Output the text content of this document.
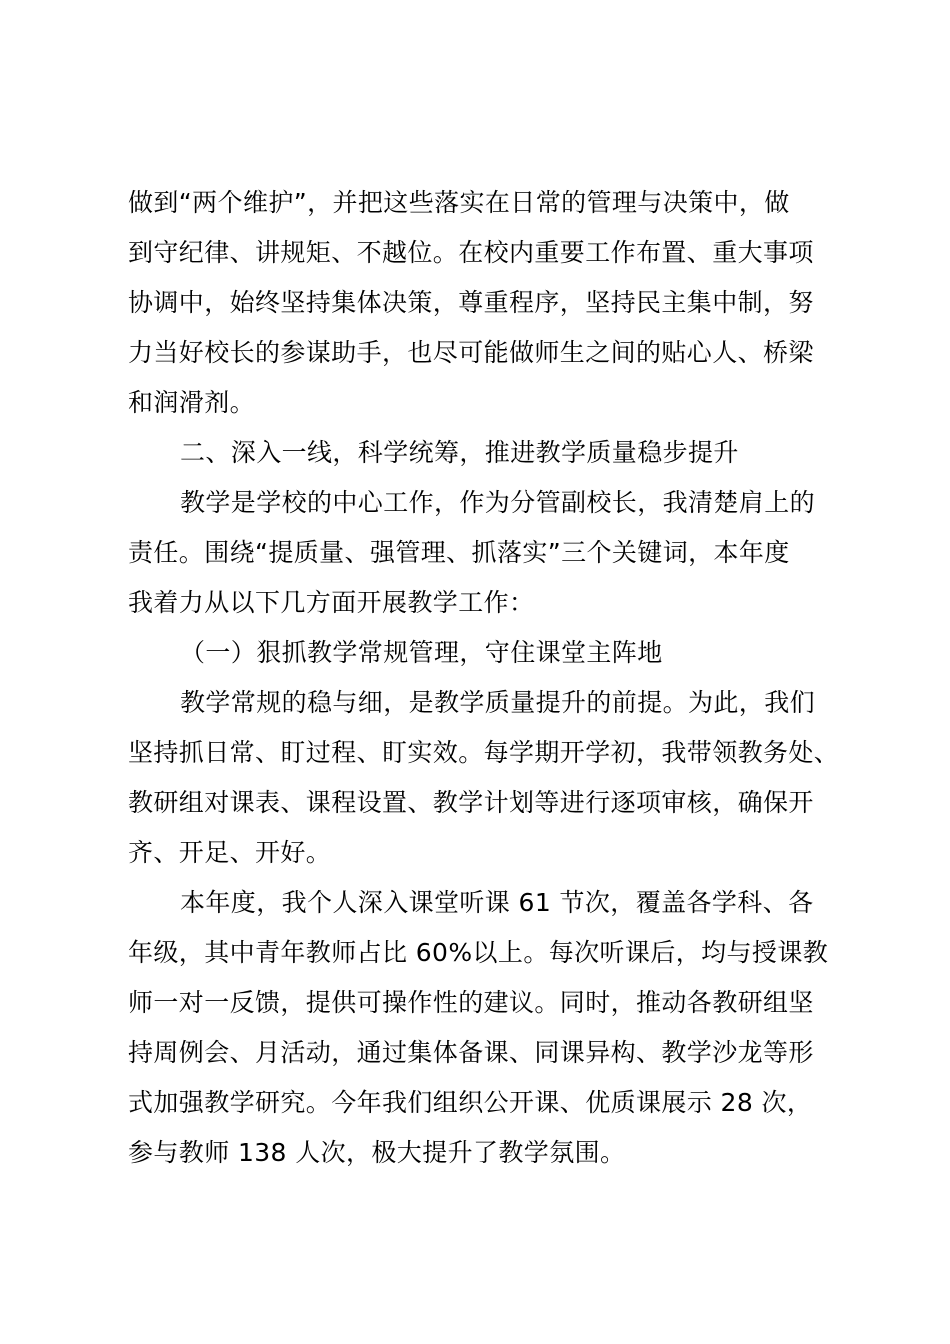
做到“两个维护”，并把这些落实在日常的管理与决策中，做
到守纪律、讲规矩、不越位。在校内重要工作布置、重大事项
协调中，始终坚持集体决策，尊重程序，坚持民主集中制，努
力当好校长的参谋助手，也尽可能做师生之间的贴心人、桥梁
和润滑剂。
二、深入一线，科学统筹，推进教学质量稳步提升
教学是学校的中心工作，作为分管副校长，我清楚肩上的
责任。围绕“提质量、强管理、抓落实”三个关键词，本年度
我着力从以下几方面开展教学工作：
（一）狠抓教学常规管理，守住课堂主阵地
教学常规的稳与细，是教学质量提升的前提。为此，我们
坚持抓日常、盯过程、盯实效。每学期开学初，我带领教务处、
教研组对课表、课程设置、教学计划等进行逐项审核，确保开
齐、开足、开好。
本年度，我个人深入课堂听课 61 节次，覆盖各学科、各
年级，其中青年教师占比 60%以上。每次听课后，均与授课教
师一对一反馈，提供可操作性的建议。同时，推动各教研组坚
持周例会、月活动，通过集体备课、同课异构、教学沙龙等形
式加强教学研究。今年我们组织公开课、优质课展示 28 次，
参与教师 138 人次，极大提升了教学氛围。
